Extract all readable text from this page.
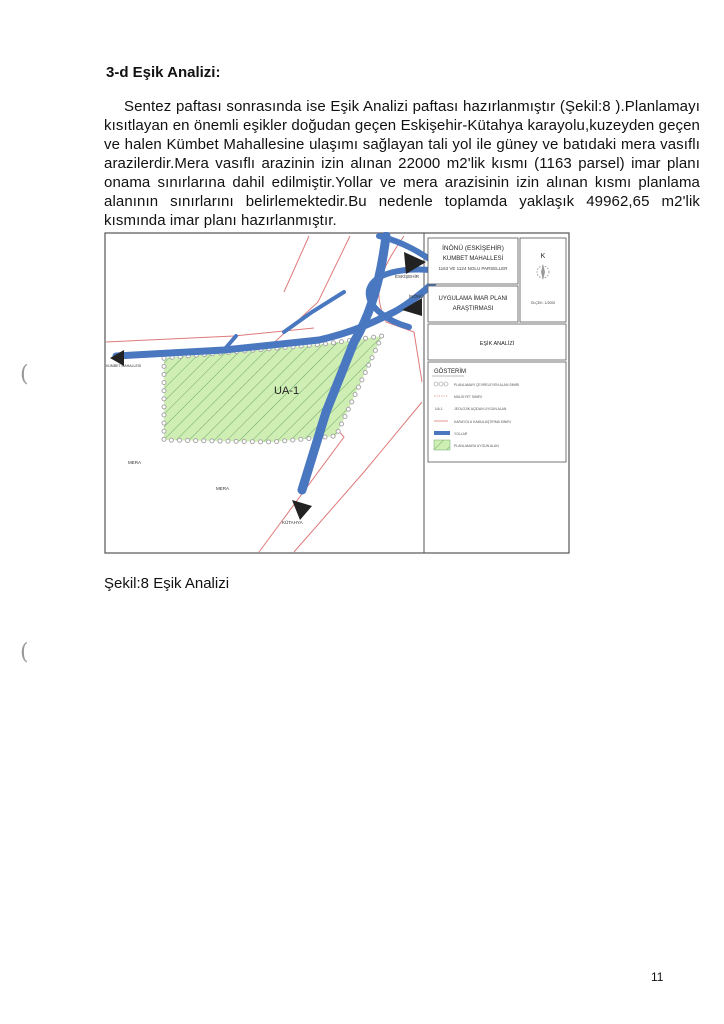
3-d Eşik Analizi:
Sentez paftası sonrasında ise Eşik Analizi paftası hazırlanmıştır (Şekil:8 ).Planlamayı kısıtlayan en önemli eşikler doğudan geçen Eskişehir-Kütahya karayolu,kuzeyden geçen ve halen Kümbet Mahallesine ulaşımı sağlayan tali yol ile güney ve batıdaki mera vasıflı arazilerdir.Mera vasıflı arazinin izin alınan 22000 m2'lik kısmı (1163 parsel) imar planı onama sınırlarına dahil edilmiştir.Yollar ve mera arazisinin izin alınan kısmı planlama alanının sınırlarını belirlemektedir.Bu nedenle toplamda yaklaşık 49962,65 m2'lik kısmında imar planı hazırlanmıştır.
(
(
UA-1
ESKİŞEHİR
İNÖNÜ
KÜMBET MAHALLESİ
MERA
MERA
KÜTAHYA
İNÖNÜ (ESKİŞEHİR)
KUMBET MAHALLESİ
1163 VE 1124 NOLU PARSELLER
K
ÖLÇEK: 1/2000
UYGULAMA İMAR PLANI
ARAŞTIRMASI
EŞİK ANALİZİ
GÖSTERİM
PLANLAMAYI ÇEVRELEYEN ALAN SINIRI
MÜLKİYET SINIRI
UA-1	JEOLOJİK AÇIDAN UYGUN ALAN
KARAYOLU KAMULAŞTIRMA SINIRI
YOLLAR
PLANLAMAYA UYGUN ALAN
Şekil:8 Eşik Analizi
11
